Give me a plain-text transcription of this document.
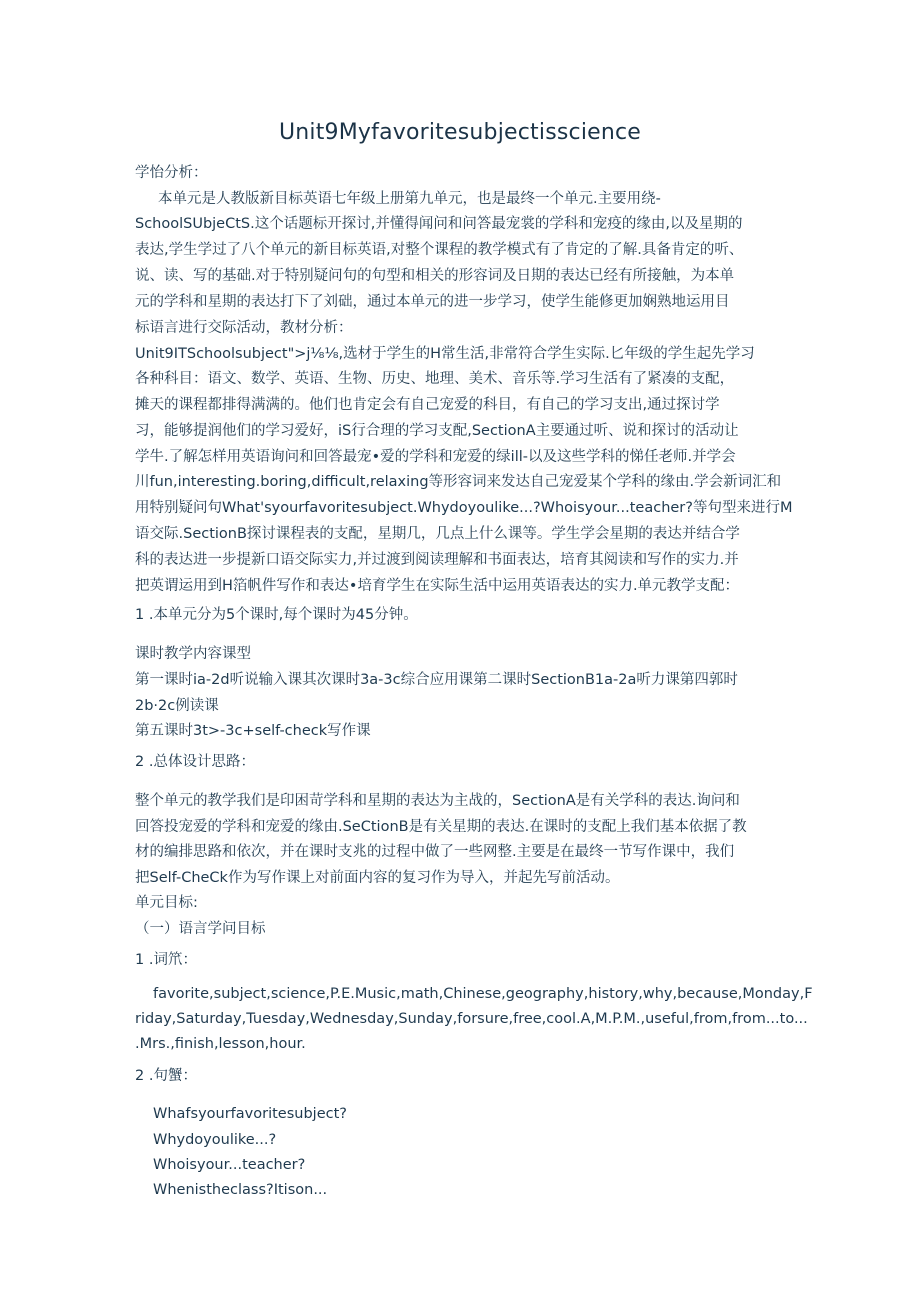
Unit9Myfavoritesubjectisscience
学怡分析：
本单元是人教版新目标英语七年级上册第九单元，也是最终一个单元.主要用绕-
SchoolSUbjeCtS.这个话题标开探讨,并懂得闻问和问答最宠裳的学科和宠疫的缘由,以及星期的
表达,学生学过了八个单元的新目标英语,对整个课程的教学模式有了肯定的了解.具备肯定的听、
说、读、写的基础.对于特别疑问句的句型和相关的形容词及日期的表达已经有所接触，为本单
元的学科和星期的表达打下了刘础，通过本单元的进一步学习，使学生能修更加娴熟地运用目
标语言进行交际活动，教材分析：
Unit9ITSchoolsubject">j⅛⅛,选材于学生的H常生活,非常符合学生实际.匕年级的学生起先学习
各种科目：语文、数学、英语、生物、历史、地理、美术、音乐等.学习生活有了紧凑的支配，
摊天的课程都排得满满的。他们也肯定会有自己宠爱的科目，有自己的学习支出,通过探讨学
习，能够提润他们的学习爱好，iS行合理的学习支配,SectionA主要通过听、说和探讨的活动让
学牛.了解怎样用英语询问和回答最宠•爱的学科和宠爱的绿ill-以及这些学科的悌任老师.并学会
川fun,interesting.boring,difficult,relaxing等形容词来发达自己宠爱某个学科的缘由.学会新词汇和
用特别疑问句What'syourfavoritesubject.Whydoyoulike...?Whoisyour...teacher?等句型来进行M
语交际.SectionB探讨课程表的支配，星期几，几点上什么课等。学生学会星期的表达并结合学
科的表达进一步提新口语交际实力,并过渡到阅读理解和书面表达，培育其阅读和写作的实力.并
把英谓运用到H箔帆件写作和表达•培育学生在实际生活中运用英语表达的实力.单元教学支配：
1 .本单元分为5个课时,每个课时为45分钟。
课时教学内容课型
第一课时ia-2d听说输入课其次课时3a-3c综合应用课第二课时SectionB1a-2a听力课第四郭时
2b·2c例读课
第五课时3t>-3c+self-check写作课
2 .总体设计思路：
整个单元的教学我们是印困苛学科和星期的表达为主战的，SectionA是有关学科的表达.询问和
回答投宠爱的学科和宠爱的缘由.SeCtionB是有关星期的表达.在课时的支配上我们基本依据了教
材的编排思路和依次，并在课时支兆的过程中做了一些网整.主要是在最终一节写作课中，我们
把Self-CheCk作为写作课上对前面内容的复习作为导入，并起先写前活动。
单元目标:
（一）语言学问目标
1 .词笊：
favorite,subject,science,P.E.Music,math,Chinese,geography,history,why,because,Monday,F
riday,Saturday,Tuesday,Wednesday,Sunday,forsure,free,cool.A,M.P.M.,useful,from,from...to...
.Mrs.,finish,lesson,hour.
2 .句蟹：
Whafsyourfavoritesubject?
Whydoyoulike...?
Whoisyour...teacher?
Whenistheclass?Itison...
